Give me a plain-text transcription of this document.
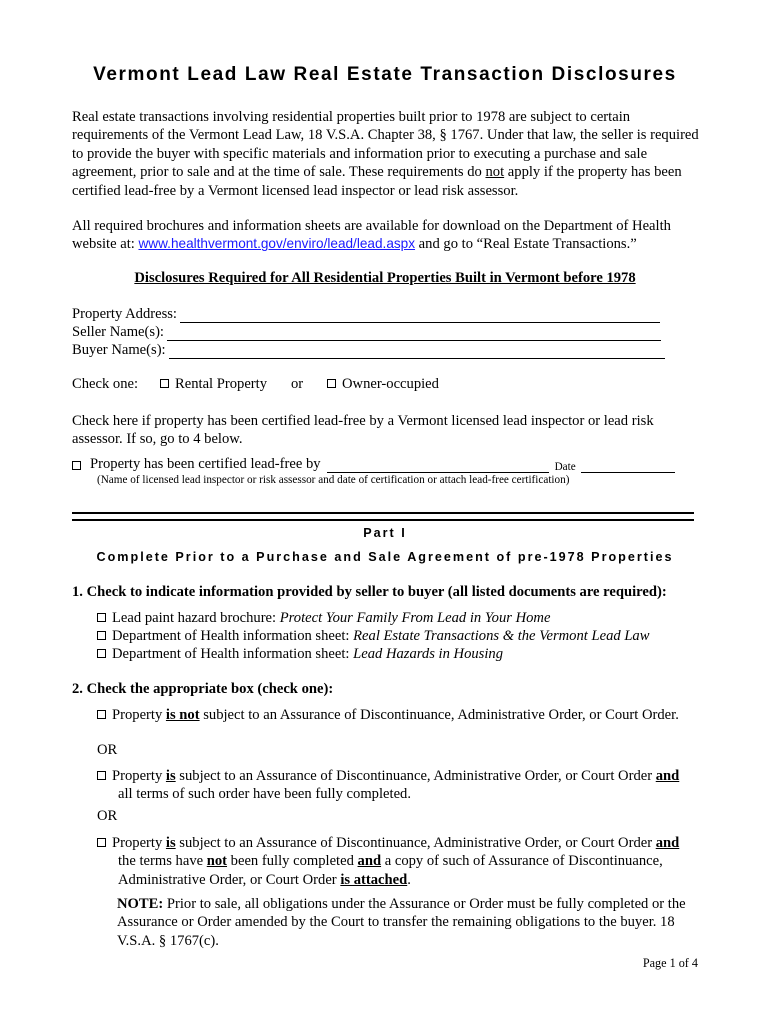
Vermont Lead Law Real Estate Transaction Disclosures
Real estate transactions involving residential properties built prior to 1978 are subject to certain requirements of the Vermont Lead Law, 18 V.S.A. Chapter 38, § 1767. Under that law, the seller is required to provide the buyer with specific materials and information prior to executing a purchase and sale agreement, prior to sale and at the time of sale. These requirements do not apply if the property has been certified lead-free by a Vermont licensed lead inspector or lead risk assessor.
All required brochures and information sheets are available for download on the Department of Health website at: www.healthvermont.gov/enviro/lead/lead.aspx and go to “Real Estate Transactions.”
Disclosures Required for All Residential Properties Built in Vermont before 1978
Property Address:
Seller Name(s):
Buyer Name(s):
Check one:	Rental Property or	Owner-occupied
Check here if property has been certified lead-free by a Vermont licensed lead inspector or lead risk assessor. If so, go to 4 below.
Property has been certified lead-free by	Date
(Name of licensed lead inspector or risk assessor and date of certification or attach lead-free certification)
Part I
Complete Prior to a Purchase and Sale Agreement of pre-1978 Properties
1. Check to indicate information provided by seller to buyer (all listed documents are required):
Lead paint hazard brochure: Protect Your Family From Lead in Your Home
Department of Health information sheet: Real Estate Transactions & the Vermont Lead Law
Department of Health information sheet: Lead Hazards in Housing
2. Check the appropriate box (check one):
Property is not subject to an Assurance of Discontinuance, Administrative Order, or Court Order.
OR
Property is subject to an Assurance of Discontinuance, Administrative Order, or Court Order and all terms of such order have been fully completed.
OR
Property is subject to an Assurance of Discontinuance, Administrative Order, or Court Order and the terms have not been fully completed and a copy of such of Assurance of Discontinuance, Administrative Order, or Court Order is attached.
NOTE: Prior to sale, all obligations under the Assurance or Order must be fully completed or the Assurance or Order amended by the Court to transfer the remaining obligations to the buyer. 18 V.S.A. § 1767(c).
Page 1 of 4
